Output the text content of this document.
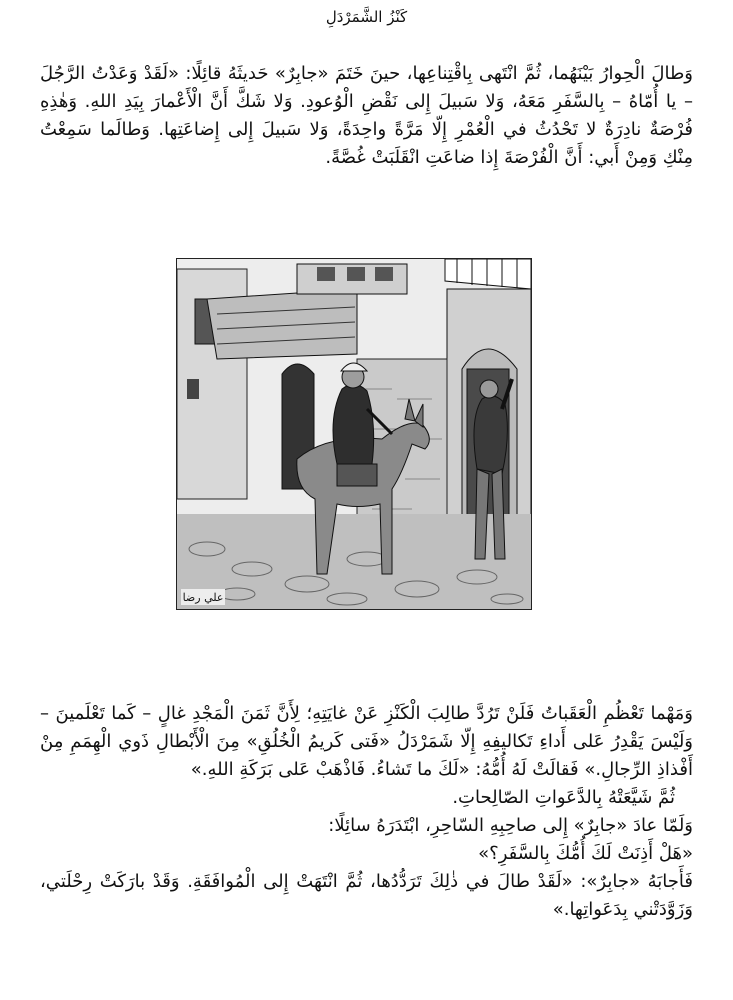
كَنْزُ الشَّمَرْدَلِ

وَطالَ الْحِوارُ بَيْنَهُما، ثُمَّ انْتَهى بِاقْتِناعِها، حينَ خَتَمَ «جابِرٌ» حَديثَهُ قائِلًا: «لَقَدْ وَعَدْتُ الرَّجُلَ – يا أُمّاهُ – بِالسَّفَرِ مَعَهُ، وَلا سَبيلَ إِلى نَقْضِ الْوُعودِ. وَلا شَكَّ أَنَّ الْأَعْمارَ بِيَدِ اللهِ. وَهٰذِهِ فُرْصَةٌ نادِرَةٌ لا تَحْدُثُ في الْعُمْرِ إِلّا مَرَّةً واحِدَةً، وَلا سَبيلَ إِلى إِضاعَتِها. وَطالَما سَمِعْتُ مِنْكِ وَمِنْ أَبي: أَنَّ الْفُرْصَةَ إِذا ضاعَتِ انْقَلَبَتْ غُصَّةً.

علي رضا

وَمَهْما تَعْظُمِ الْعَقَباتُ فَلَنْ تَرُدَّ طالِبَ الْكَنْزِ عَنْ غايَتِهِ؛ لِأَنَّ ثَمَنَ الْمَجْدِ غالٍ – كَما تَعْلَمينَ – وَلَيْسَ يَقْدِرُ عَلى أَداءِ تَكاليفِهِ إِلّا شَمَرْدَلُ «فَتى كَريمُ الْخُلُقِ» مِنَ الْأَبْطالِ ذَوي الْهِمَمِ مِنْ أَفْذاذِ الرِّجالِ.» فَقالَتْ لَهُ أُمُّهُ: «لَكَ ما تَشاءُ. فَاذْهَبْ عَلى بَرَكَةِ اللهِ.»

ثُمَّ شَيَّعَتْهُ بِالدَّعَواتِ الصّالِحاتِ.

وَلَمّا عادَ «جابِرٌ» إِلى صاحِبِهِ السّاحِرِ، ابْتَدَرَهُ سائِلًا:

«هَلْ أَذِنَتْ لَكَ أُمُّكَ بِالسَّفَرِ؟»

فَأَجابَهُ «جابِرٌ»: «لَقَدْ طالَ في ذٰلِكَ تَرَدُّدُها، ثُمَّ انْتَهَتْ إِلى الْمُوافَقَةِ. وَقَدْ بارَكَتْ رِحْلَتي، وَزَوَّدَتْني بِدَعَواتِها.»
